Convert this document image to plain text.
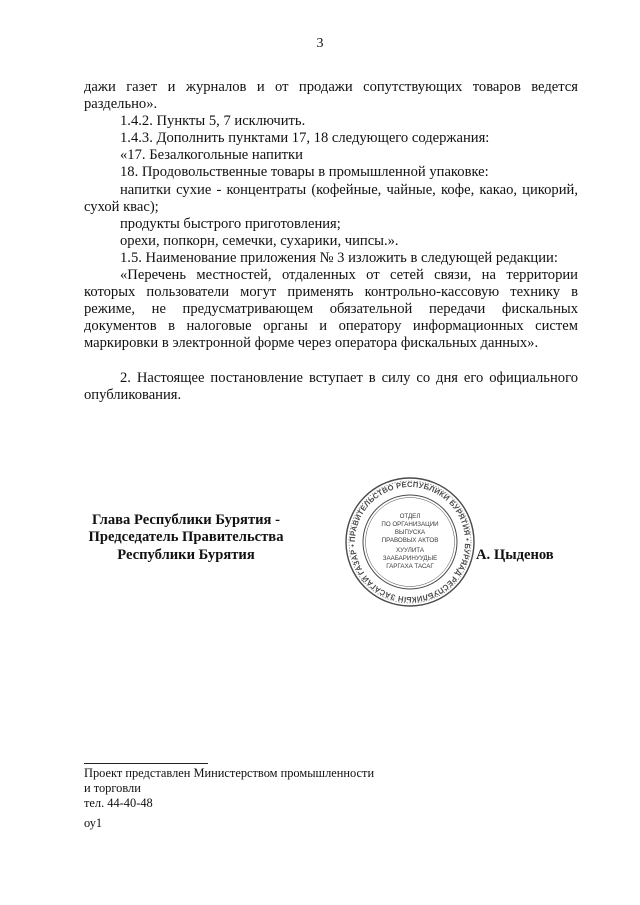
3

дажи газет и журналов и от продажи сопутствующих товаров ведется раздельно».

1.4.2. Пункты 5, 7 исключить.

1.4.3. Дополнить пунктами 17, 18 следующего содержания:

«17. Безалкогольные напитки

18. Продовольственные товары в промышленной упаковке:

напитки сухие - концентраты (кофейные, чайные, кофе, какао, цикорий, сухой квас);

продукты быстрого приготовления;

орехи, попкорн, семечки, сухарики, чипсы.».

1.5. Наименование приложения № 3 изложить в следующей редакции:

«Перечень местностей, отдаленных от сетей связи, на территории которых пользователи могут применять контрольно-кассовую технику в режиме, не предусматривающем обязательной передачи фискальных документов в налоговые органы и оператору информационных систем маркировки в электронной форме через оператора фискальных данных».

2. Настоящее постановление вступает в силу со дня его официального опубликования.

Глава Республики Бурятия -
Председатель Правительства
Республики Бурятия
ПРАВИТЕЛЬСТВО РЕСПУБЛИКИ БУРЯТИЯ • БУРЯАД РЕСПУБЛИКЫН ЗАСАГАЙ ГАЗАР •
ОТДЕЛ
ПО ОРГАНИЗАЦИИ
ВЫПУСКА
ПРАВОВЫХ АКТОВ
ХУУЛИТА
ЗААБАРИНУУДЫЕ
ГАРГАХА ТАСАГ
А. Цыденов
Проект представлен Министерством промышленности
и торговли
тел. 44-40-48
оу1
